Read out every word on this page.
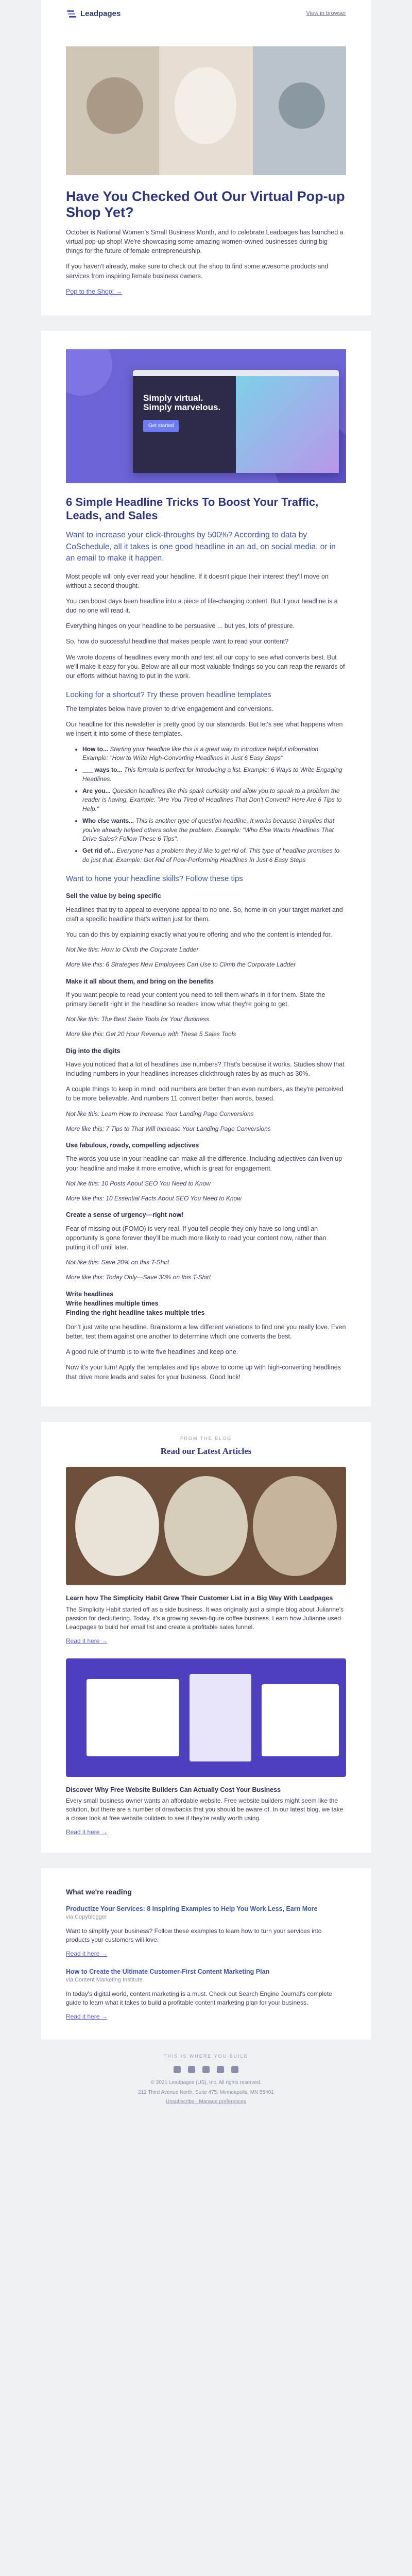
Leadpages	View in browser
Have You Checked Out Our Virtual Pop-up Shop Yet?

October is National Women's Small Business Month, and to celebrate Leadpages has launched a virtual pop-up shop! We're showcasing some amazing women-owned businesses during big things for the future of female entrepreneurship.

If you haven't already, make sure to check out the shop to find some awesome products and services from inspiring female business owners.

Pop to the Shop! →
Simply virtual.
Simply marvelous.
Get started
6 Simple Headline Tricks To Boost Your Traffic, Leads, and Sales

Want to increase your click-throughs by 500%? According to data by CoSchedule, all it takes is one good headline in an ad, on social media, or in an email to make it happen.

Most people will only ever read your headline. If it doesn't pique their interest they'll move on without a second thought.

You can boost days been headline into a piece of life-changing content. But if your headline is a dud no one will read it.

Everything hinges on your headline to be persuasive ... but yes, lots of pressure.

So, how do successful headline that makes people want to read your content?

We wrote dozens of headlines every month and test all our copy to see what converts best. But we'll make it easy for you. Below are all our most valuable findings so you can reap the rewards of our efforts without having to put in the work.

Looking for a shortcut? Try these proven headline templates

The templates below have proven to drive engagement and conversions.

Our headline for this newsletter is pretty good by our standards. But let's see what happens when we insert it into some of these templates.

• How to... Starting your headline like this is a great way to introduce helpful information. Example: "How to Write High-Converting Headlines in Just 6 Easy Steps"
• ___ ways to... This formula is perfect for introducing a list. Example: 6 Ways to Write Engaging Headlines.
• Are you... Question headlines like this spark curiosity and allow you to speak to a problem the reader is having. Example: "Are You Tired of Headlines That Don't Convert? Here Are 6 Tips to Help."
• Who else wants... This is another type of question headline. It works because it implies that you've already helped others solve the problem. Example: "Who Else Wants Headlines That Drive Sales? Follow These 6 Tips".
• Get rid of... Everyone has a problem they'd like to get rid of. This type of headline promises to do just that. Example: Get Rid of Poor-Performing Headlines In Just 6 Easy Steps

Want to hone your headline skills? Follow these tips

Sell the value by being specific

Headlines that try to appeal to everyone appeal to no one. So, home in on your target market and craft a specific headline that's written just for them.

You can do this by explaining exactly what you're offering and who the content is intended for.

Not like this: How to Climb the Corporate Ladder

More like this: 6 Strategies New Employees Can Use to Climb the Corporate Ladder

Make it all about them, and bring on the benefits

If you want people to read your content you need to tell them what's in it for them. State the primary benefit right in the headline so readers know what they're going to get.

Not like this: The Best Swim Tools for Your Business

More like this: Get 20 Hour Revenue with These 5 Sales Tools

Dig into the digits

Have you noticed that a lot of headlines use numbers? That's because it works. Studies show that including numbers in your headlines increases clickthrough rates by as much as 30%.

A couple things to keep in mind: odd numbers are better than even numbers, as they're perceived to be more believable. And numbers 11 convert better than words, based.

Not like this: Learn How to Increase Your Landing Page Conversions

More like this: 7 Tips to That Will Increase Your Landing Page Conversions

Use fabulous, rowdy, compelling adjectives

The words you use in your headline can make all the difference. Including adjectives can liven up your headline and make it more emotive, which is great for engagement.

Not like this: 10 Posts About SEO You Need to Know

More like this: 10 Essential Facts About SEO You Need to Know

Create a sense of urgency—right now!

Fear of missing out (FOMO) is very real. If you tell people they only have so long until an opportunity is gone forever they'll be much more likely to read your content now, rather than putting it off until later.

Not like this: Save 20% on this T-Shirt

More like this: Today Only—Save 30% on this T-Shirt

Write headlines

Write headlines multiple times

Finding the right headline takes multiple tries

Don't just write one headline. Brainstorm a few different variations to find one you really love. Even better, test them against one another to determine which one converts the best.

A good rule of thumb is to write five headlines and keep one.

Now it's your turn! Apply the templates and tips above to come up with high-converting headlines that drive more leads and sales for your business. Good luck!

FROM THE BLOG

Read our Latest Articles

Learn how The Simplicity Habit Grew Their Customer List in a Big Way With Leadpages

The Simplicity Habit started off as a side business. It was originally just a simple blog about Julianne's passion for decluttering. Today, it's a growing seven-figure coffee business. Learn how Julianne used Leadpages to build her email list and create a profitable sales funnel.

Read it here →

Discover Why Free Website Builders Can Actually Cost Your Business

Every small business owner wants an affordable website. Free website builders might seem like the solution, but there are a number of drawbacks that you should be aware of. In our latest blog, we take a closer look at free website builders to see if they're really worth using.

Read it here →
What we're reading

Productize Your Services: 8 Inspiring Examples to Help You Work Less, Earn More

via Copyblogger

Want to simplify your business? Follow these examples to learn how to turn your services into products your customers will love.

Read it here →

How to Create the Ultimate Customer-First Content Marketing Plan

via Content Marketing Institute

In today's digital world, content marketing is a must. Check out Search Engine Journal's complete guide to learn what it takes to build a profitable content marketing plan for your business.

Read it here →

THIS IS WHERE YOU BUILD

© 2021 Leadpages (US), Inc. All rights reserved.

212 Third Avenue North, Suite 475, Minneapolis, MN 55401

Unsubscribe · Manage preferences
